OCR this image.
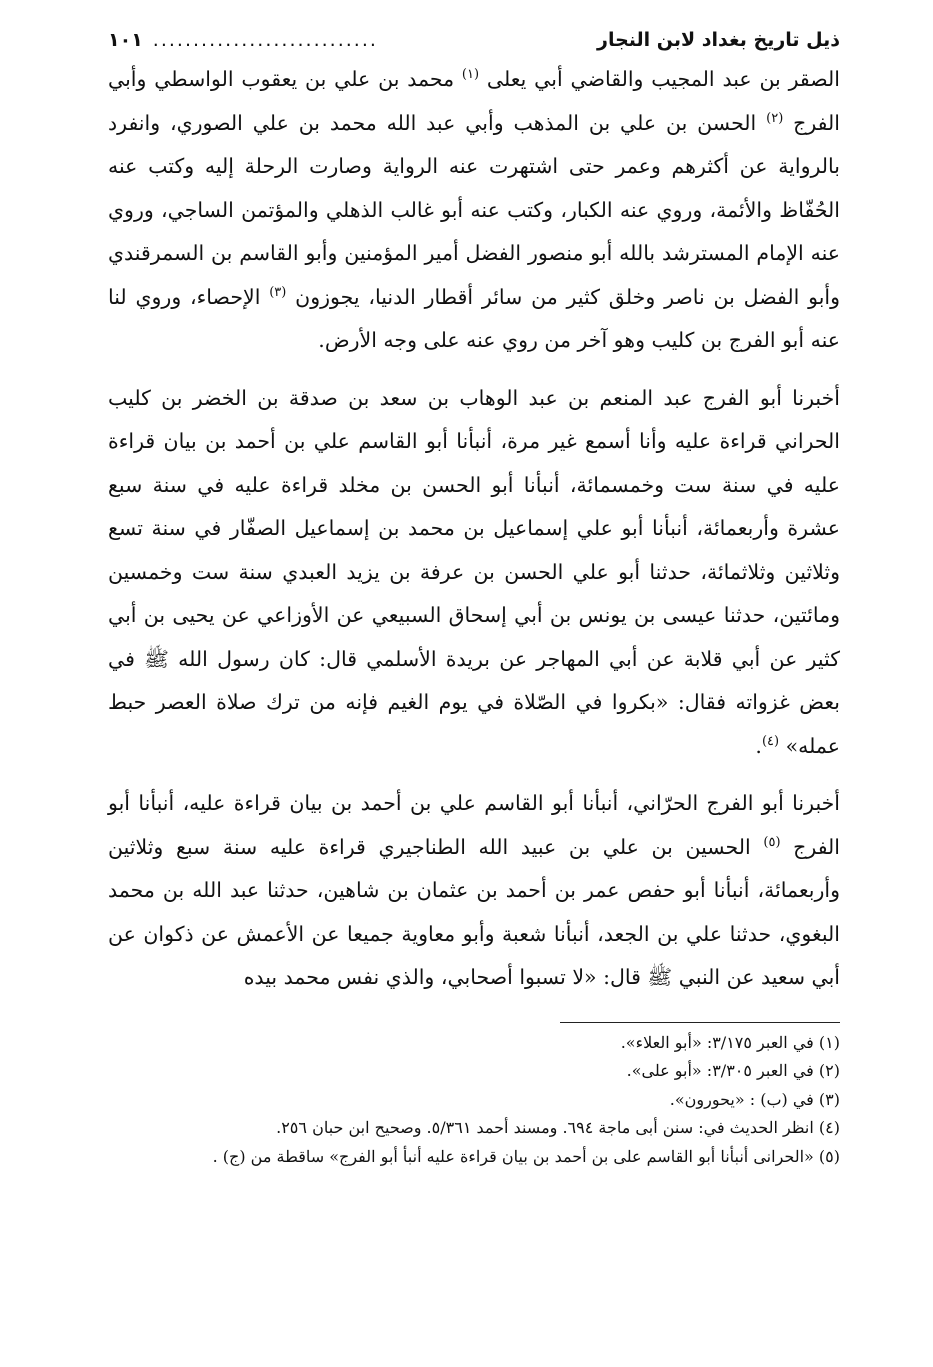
ذيل تاريخ بغداد لابن النجار
............................
١٠١

الصقر بن عبد المجيب والقاضي أبي يعلى $^{(١)}$ محمد بن علي بن يعقوب الواسطي وأبي الفرج $^{(٢)}$ الحسن بن علي بن المذهب وأبي عبد الله محمد بن علي الصوري، وانفرد بالرواية عن أكثرهم وعمر حتى اشتهرت عنه الرواية وصارت الرحلة إليه وكتب عنه الحُفّاظ والأئمة، وروي عنه الكبار، وكتب عنه أبو غالب الذهلي والمؤتمن الساجي، وروي عنه الإمام المسترشد بالله أبو منصور الفضل أمير المؤمنين وأبو القاسم بن السمرقندي وأبو الفضل بن ناصر وخلق كثير من سائر أقطار الدنيا، يجوزون $^{(٣)}$ الإحصاء، وروي لنا عنه أبو الفرج بن كليب وهو آخر من روي عنه على وجه الأرض.

أخبرنا أبو الفرج عبد المنعم بن عبد الوهاب بن سعد بن صدقة بن الخضر بن كليب الحراني قراءة عليه وأنا أسمع غير مرة، أنبأنا أبو القاسم علي بن أحمد بن بيان قراءة عليه في سنة ست وخمسمائة، أنبأنا أبو الحسن بن مخلد قراءة عليه في سنة سبع عشرة وأربعمائة، أنبأنا أبو علي إسماعيل بن محمد بن إسماعيل الصفّار في سنة تسع وثلاثين وثلاثمائة، حدثنا أبو علي الحسن بن عرفة بن يزيد العبدي سنة ست وخمسين ومائتين، حدثنا عيسى بن يونس بن أبي إسحاق السبيعي عن الأوزاعي عن يحيى بن أبي كثير عن أبي قلابة عن أبي المهاجر عن بريدة الأسلمي قال: كان رسول الله ﷺ في بعض غزواته فقال: «بكروا في الصّلاة في يوم الغيم فإنه من ترك صلاة العصر حبط عمله» $^{(٤)}$.

أخبرنا أبو الفرج الحرّاني، أنبأنا أبو القاسم علي بن أحمد بن بيان قراءة عليه، أنبأنا أبو الفرج $^{(٥)}$ الحسين بن علي بن عبيد الله الطناجيري قراءة عليه سنة سبع وثلاثين وأربعمائة، أنبأنا أبو حفص عمر بن أحمد بن عثمان بن شاهين، حدثنا عبد الله بن محمد البغوي، حدثنا علي بن الجعد، أنبأنا شعبة وأبو معاوية جميعا عن الأعمش عن ذكوان عن أبي سعيد عن النبي ﷺ قال: «لا تسبوا أصحابي، والذي نفس محمد بيده

(١) في العبر ٣/١٧٥: «أبو العلاء».
(٢) في العبر ٣/٣٠٥: «أبو على».
(٣) في (ب) : «يحورون».
(٤) انظر الحديث في: سنن أبى ماجة ٦٩٤. ومسند أحمد ٥/٣٦١. وصحيح ابن حبان ٢٥٦.
(٥) «الحرانى أنبأنا أبو القاسم على بن أحمد بن بيان قراءة عليه أنبأ أبو الفرج» ساقطة من (ج) .
